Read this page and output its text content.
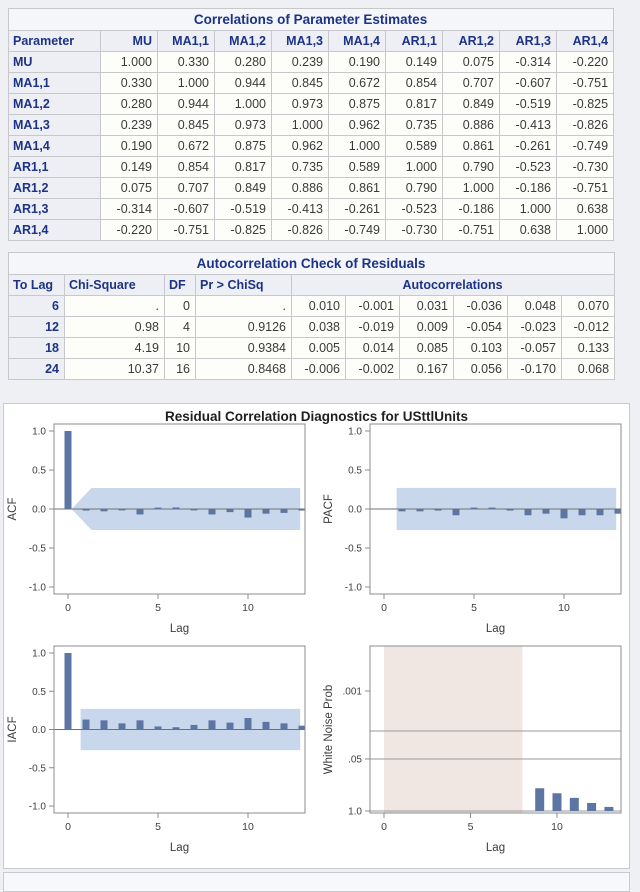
Correlations of Parameter Estimates									
Parameter	MU	MA1,1	MA1,2	MA1,3	MA1,4	AR1,1	AR1,2	AR1,3	AR1,4
MU	1.000	0.330	0.280	0.239	0.190	0.149	0.075	-0.314	-0.220
MA1,1	0.330	1.000	0.944	0.845	0.672	0.854	0.707	-0.607	-0.751
MA1,2	0.280	0.944	1.000	0.973	0.875	0.817	0.849	-0.519	-0.825
MA1,3	0.239	0.845	0.973	1.000	0.962	0.735	0.886	-0.413	-0.826
MA1,4	0.190	0.672	0.875	0.962	1.000	0.589	0.861	-0.261	-0.749
AR1,1	0.149	0.854	0.817	0.735	0.589	1.000	0.790	-0.523	-0.730
AR1,2	0.075	0.707	0.849	0.886	0.861	0.790	1.000	-0.186	-0.751
AR1,3	-0.314	-0.607	-0.519	-0.413	-0.261	-0.523	-0.186	1.000	0.638
AR1,4	-0.220	-0.751	-0.825	-0.826	-0.749	-0.730	-0.751	0.638	1.000
Autocorrelation Check of Residuals									
To Lag	Chi-Square	DF	Pr > ChiSq	Autocorrelations					
6	.	0	.	0.010	-0.001	0.031	-0.036	0.048	0.070
12	0.98	4	0.9126	0.038	-0.019	0.009	-0.054	-0.023	-0.012
18	4.19	10	0.9384	0.005	0.014	0.085	0.103	-0.057	0.133
24	10.37	16	0.8468	-0.006	-0.002	0.167	0.056	-0.170	0.068
Residual Correlation Diagnostics for USttlUnits
1.0
0.5
0.0
-0.5
-1.0
0	5	10
Lag
ACF
1.0
0.5
0.0
-0.5
-1.0
0	5	10
Lag
PACF
1.0
0.5
0.0
-0.5
-1.0
0	5	10
Lag
IACF
.001
.05
1.0
0	5	10
Lag
White Noise Prob
